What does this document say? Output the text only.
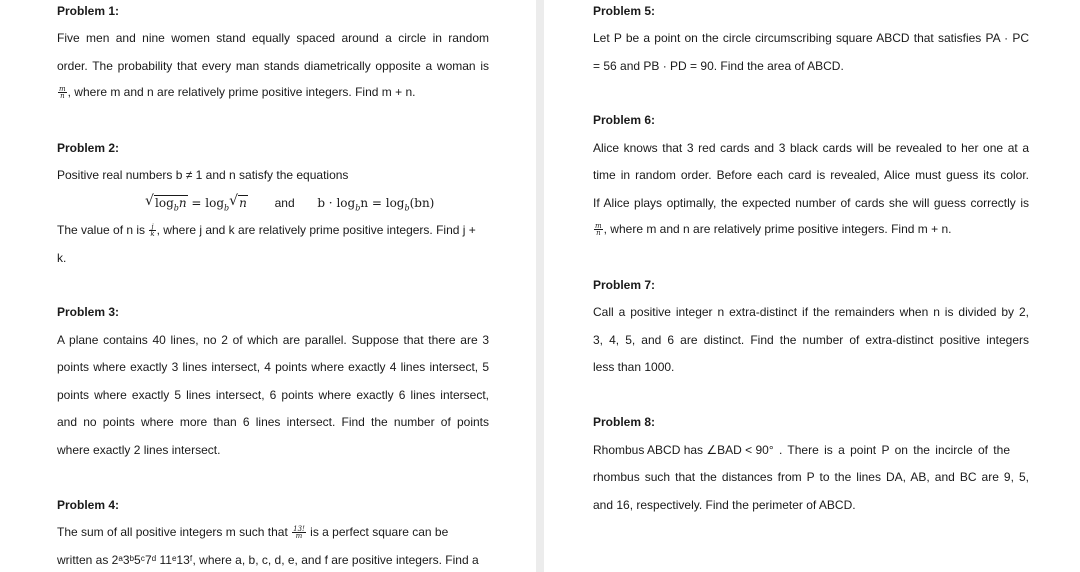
Problem 1:
Five men and nine women stand equally spaced around a circle in random
order. The probability that every man stands diametrically opposite a woman is
$\frac{m}{n}$ , where m and n are relatively prime positive integers. Find m + n.
Problem 2:
Positive real numbers b ≠ 1 and n satisfy the equations
√ $\log_bn = \log_b$ √ n and $b \cdot \log_bn = \log_b(bn)$
The value of n is $\frac{j}{k}$ , where j and k are relatively prime positive integers. Find j +
k.
Problem 3:
A plane contains 40 lines, no 2 of which are parallel. Suppose that there are 3
points where exactly 3 lines intersect, 4 points where exactly 4 lines intersect, 5
points where exactly 5 lines intersect, 6 points where exactly 6 lines intersect,
and no points where more than 6 lines intersect. Find the number of points
where exactly 2 lines intersect.
Problem 4:
The sum of all positive integers m such that $\frac{13!}{m}$ is a perfect square can be
written as 2ᵃ3ᵇ5ᶜ7ᵈ 11ᵉ13ᶠ, where a, b, c, d, e, and f are positive integers. Find a
Problem 5:
Let P be a point on the circle circumscribing square ABCD that satisfies PA · PC
= 56 and PB · PD = 90. Find the area of ABCD.
Problem 6:
Alice knows that 3 red cards and 3 black cards will be revealed to her one at a
time in random order. Before each card is revealed, Alice must guess its color.
If Alice plays optimally, the expected number of cards she will guess correctly is
$\frac{m}{n}$ , where m and n are relatively prime positive integers. Find m + n.
Problem 7:
Call a positive integer n extra-distinct if the remainders when n is divided by 2,
3, 4, 5, and 6 are distinct. Find the number of extra-distinct positive integers
less than 1000.
Problem 8:
Rhombus ABCD has ∠BAD < 90° . There is a point P on the incircle of the
rhombus such that the distances from P to the lines DA, AB, and BC are 9, 5,
and 16, respectively. Find the perimeter of ABCD.
